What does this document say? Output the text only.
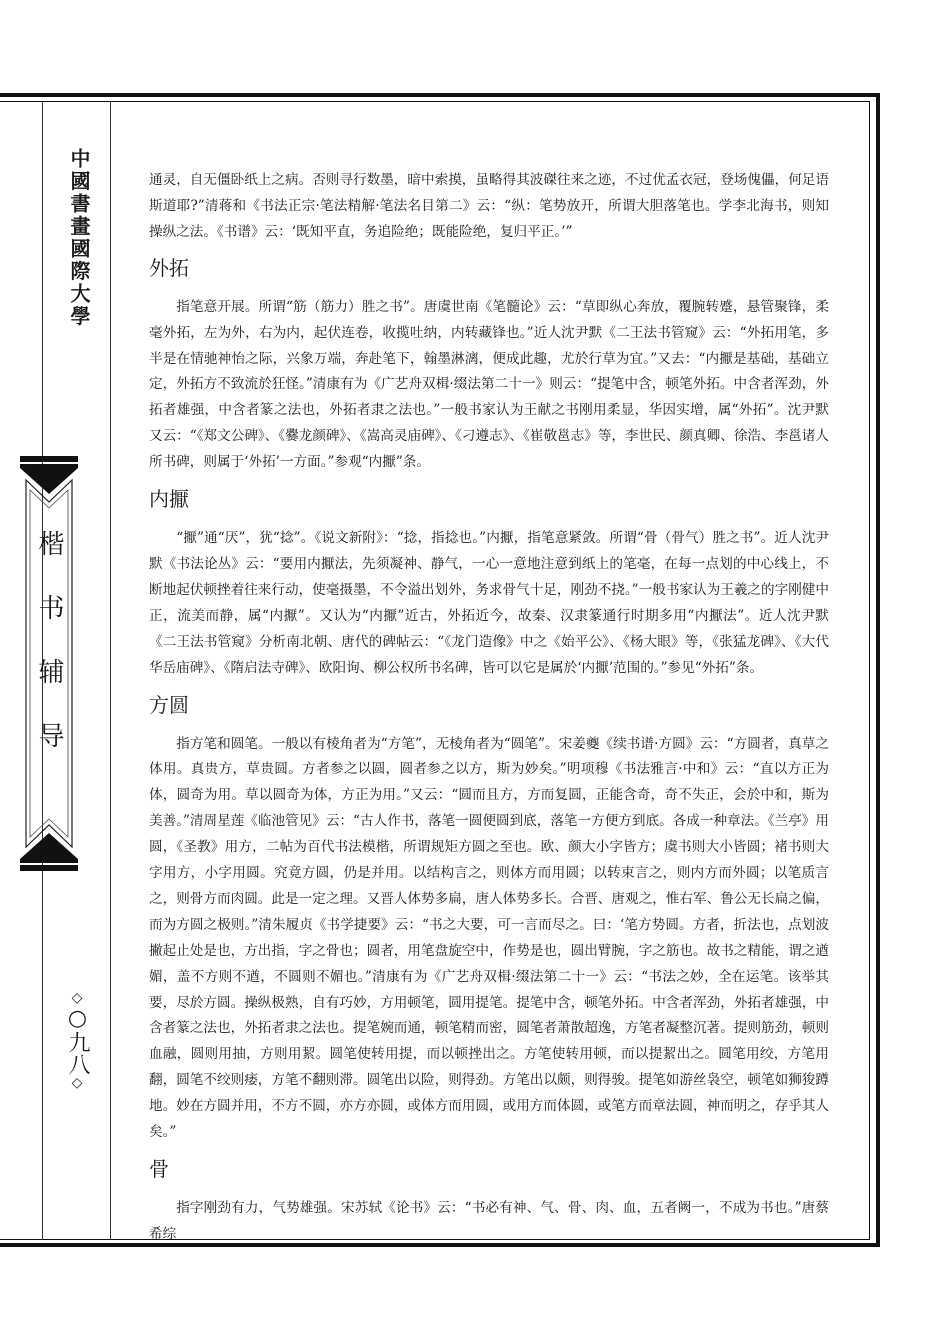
中國書畫國際大學
楷书辅导
◇○九八◇

通灵，自无僵卧纸上之病。否则寻行数墨，暗中索摸，虽略得其波磔往来之迹，不过优孟衣冠，登场傀儡，何足语斯道耶?”清蒋和《书法正宗·笔法精解·笔法名目第二》云：“纵：笔势放开，所谓大胆落笔也。学李北海书，则知操纵之法。《书谱》云：‘既知平直，务追险绝；既能险绝，复归平正。’”

外拓

指笔意开展。所谓“筋（筋力）胜之书”。唐虞世南《笔髓论》云：“草即纵心奔放，覆腕转蹙，悬管聚锋，柔毫外拓，左为外，右为内，起伏连卷，收揽吐纳，内转藏锋也。”近人沈尹默《二王法书管窥》云：“外拓用笔，多半是在情驰神怡之际，兴象万端，奔赴笔下，翰墨淋漓，便成此趣，尤於行草为宜。”又去：“内擫是基础，基础立定，外拓方不致流於狂怪。”清康有为《广艺舟双楫·缀法第二十一》则云：“提笔中含，顿笔外拓。中含者浑劲，外拓者雄强，中含者篆之法也，外拓者隶之法也。”一般书家认为王献之书刚用柔显，华因实增，属“外拓”。沈尹默又云：“《郑文公碑》、《爨龙颜碑》、《嵩高灵庙碑》、《刁遵志》、《崔敬邕志》等，李世民、颜真卿、徐浩、李邕诸人所书碑，则属于‘外拓’一方面。”参观“内擫”条。

内擫

“擫”通“厌”，犹“捻”。《说文新附》：“捻，指捻也。”内擫，指笔意紧敛。所谓“骨（骨气）胜之书”。近人沈尹默《书法论丛》云：“要用内擫法，先须凝神、静气，一心一意地注意到纸上的笔毫，在每一点划的中心线上，不断地起伏顿挫着往来行动，使毫摄墨，不令溢出划外，务求骨气十足，刚劲不挠。”一般书家认为王羲之的字刚健中正，流美而静，属“内擫”。又认为“内擫”近古，外拓近今，故秦、汉隶篆通行时期多用“内擫法”。近人沈尹默《二王法书管窥》分析南北朝、唐代的碑帖云：“《龙门造像》中之《始平公》、《杨大眼》等，《张猛龙碑》、《大代华岳庙碑》、《隋启法寺碑》、欧阳询、柳公权所书名碑，皆可以它是属於‘内擫’范围的。”参见“外拓”条。

方圆

指方笔和圆笔。一般以有棱角者为“方笔”，无棱角者为“圆笔”。宋姜夔《续书谱·方圆》云：“方圆者，真草之体用。真贵方，草贵圆。方者参之以圆，圆者参之以方，斯为妙矣。”明项穆《书法雅言·中和》云：“直以方正为体，圆奇为用。草以圆奇为体，方正为用。”又云：“圆而且方，方而复圆，正能含奇，奇不失正，会於中和，斯为美善。”清周星莲《临池管见》云：“古人作书，落笔一圆便圆到底，落笔一方便方到底。各成一种章法。《兰亭》用圆，《圣教》用方，二帖为百代书法模楷，所谓规矩方圆之至也。欧、颜大小字皆方；虞书则大小皆圆；褚书则大字用方，小字用圆。究竟方圆，仍是并用。以结构言之，则体方而用圆；以转束言之，则内方而外圆；以笔质言之，则骨方而肉圆。此是一定之理。又晋人体势多扁，唐人体势多长。合晋、唐观之，惟右军、鲁公无长扁之偏，而为方圆之极则。”清朱履贞《书学捷要》云：“书之大要，可一言而尽之。曰：‘笔方势圆。方者，折法也，点划波撇起止处是也，方出指，字之骨也；圆者，用笔盘旋空中，作势是也，圆出臂腕，字之筋也。故书之精能，谓之遒媚，盖不方则不遒，不圆则不媚也。”清康有为《广艺舟双楫·缀法第二十一》云：“书法之妙，全在运笔。该举其要，尽於方圆。操纵极熟，自有巧妙，方用顿笔，圆用提笔。提笔中含，顿笔外拓。中含者浑劲，外拓者雄强，中含者篆之法也，外拓者隶之法也。提笔婉而通，顿笔精而密，圆笔者萧散超逸，方笔者凝整沉著。提则筋劲，顿则血融，圆则用抽，方则用絜。圆笔使转用提，而以顿挫出之。方笔使转用顿，而以提絜出之。圆笔用绞，方笔用翻，圆笔不绞则痿，方笔不翻则滞。圆笔出以险，则得劲。方笔出以颇，则得骏。提笔如游丝袅空，顿笔如狮狻蹲地。妙在方圆并用，不方不圆，亦方亦圆，或体方而用圆，或用方而体圆，或笔方而章法圆，神而明之，存乎其人矣。”

骨

指字刚劲有力，气势雄强。宋苏轼《论书》云：“书必有神、气、骨、肉、血，五者阙一，不成为书也。”唐蔡希综
